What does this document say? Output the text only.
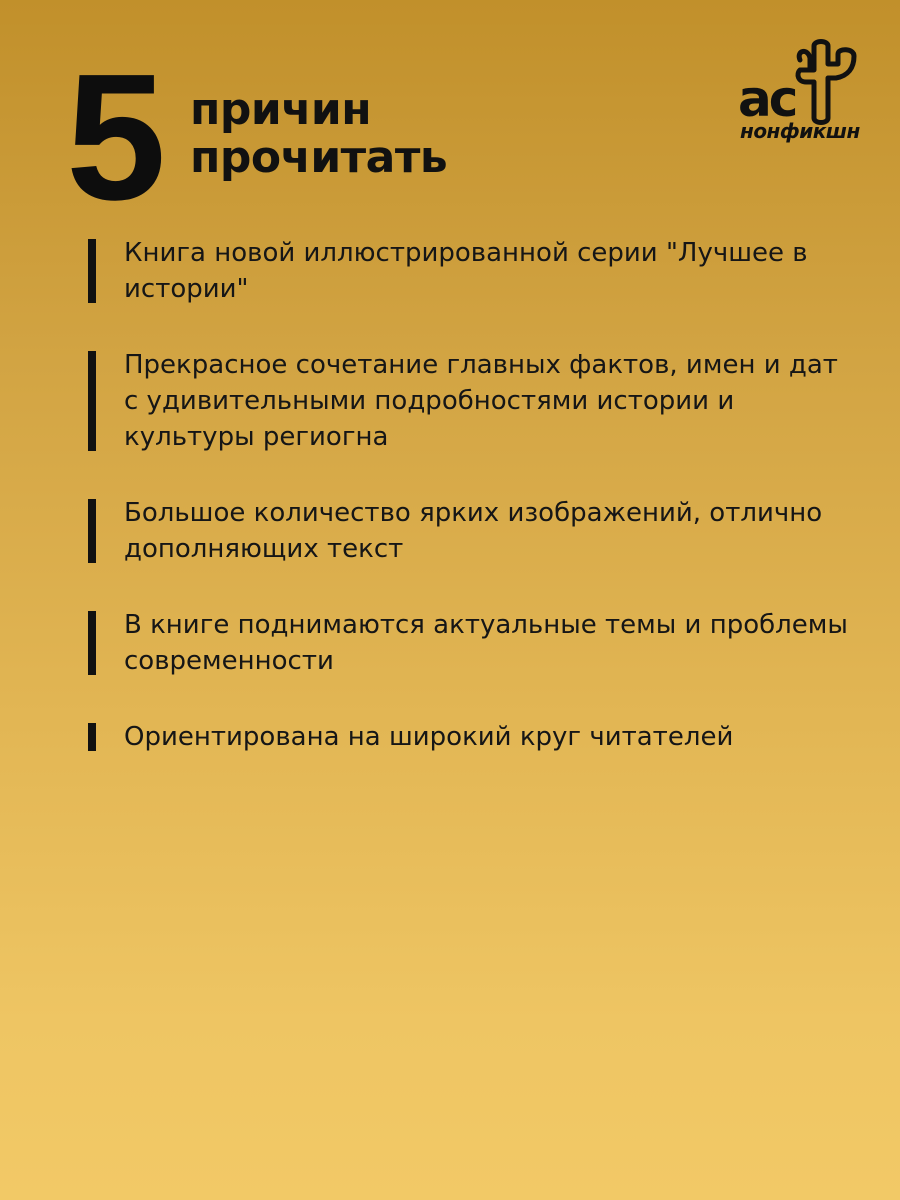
5 причин
прочитать
ас
нонфикшн
Книга новой иллюстрированной серии "Лучшее в истории"
Прекрасное сочетание главных фактов, имен и дат с удивительными подробностями истории и культуры региогна
Большое количество ярких изображений, отлично дополняющих текст
В книге поднимаются актуальные темы и проблемы современности
Ориентирована на широкий круг читателей
